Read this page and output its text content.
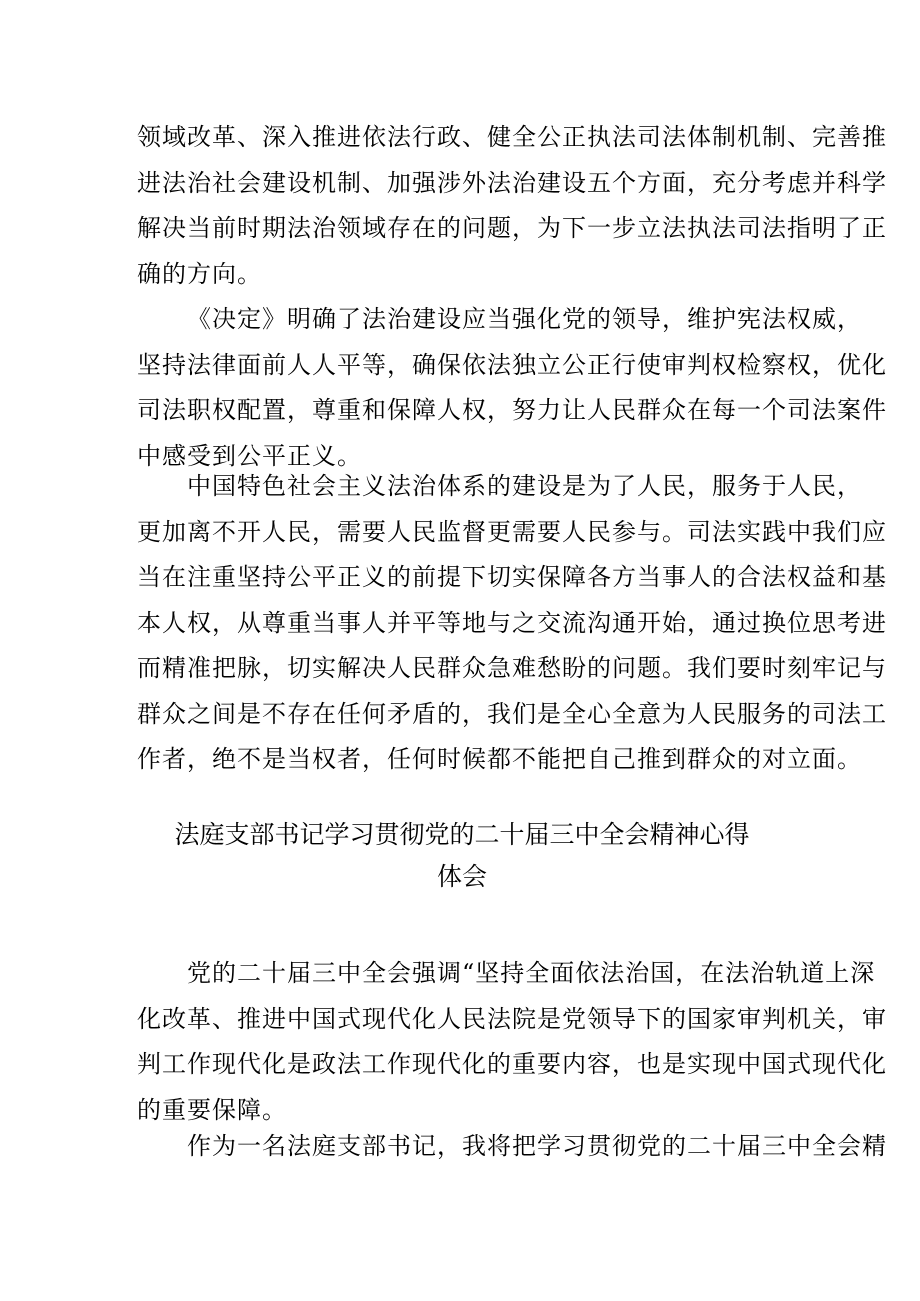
领域改革、深入推进依法行政、健全公正执法司法体制机制、完善推
进法治社会建设机制、加强涉外法治建设五个方面，充分考虑并科学
解决当前时期法治领域存在的问题，为下一步立法执法司法指明了正
确的方向。
《决定》明确了法治建设应当强化党的领导，维护宪法权威，
坚持法律面前人人平等，确保依法独立公正行使审判权检察权，优化
司法职权配置，尊重和保障人权，努力让人民群众在每一个司法案件
中感受到公平正义。
中国特色社会主义法治体系的建设是为了人民，服务于人民，
更加离不开人民，需要人民监督更需要人民参与。司法实践中我们应
当在注重坚持公平正义的前提下切实保障各方当事人的合法权益和基
本人权，从尊重当事人并平等地与之交流沟通开始，通过换位思考进
而精准把脉，切实解决人民群众急难愁盼的问题。我们要时刻牢记与
群众之间是不存在任何矛盾的，我们是全心全意为人民服务的司法工
作者，绝不是当权者，任何时候都不能把自己推到群众的对立面。
法庭支部书记学习贯彻党的二十届三中全会精神心得
体会
党的二十届三中全会强调“坚持全面依法治国，在法治轨道上深
化改革、推进中国式现代化人民法院是党领导下的国家审判机关，审
判工作现代化是政法工作现代化的重要内容，也是实现中国式现代化
的重要保障。
作为一名法庭支部书记，我将把学习贯彻党的二十届三中全会精
